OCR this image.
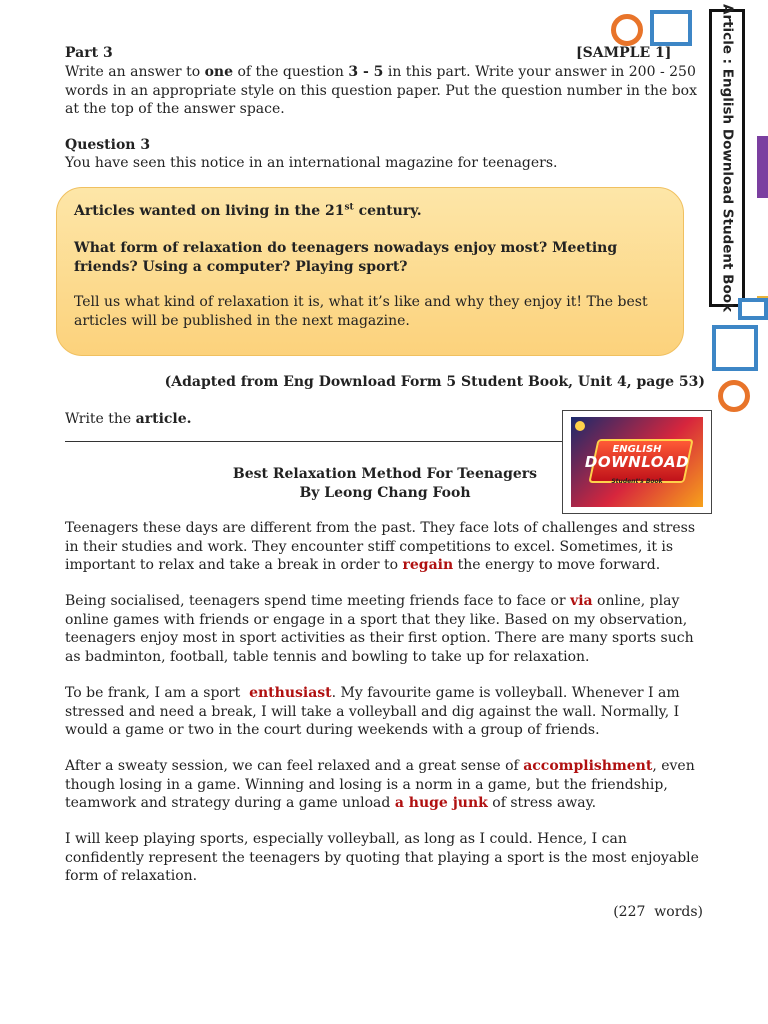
Article : English Download Student Book
Part 3	[SAMPLE 1]
Write an answer to one of the question 3 - 5 in this part. Write your answer in 200 - 250 words in an appropriate style on this question paper. Put the question number in the box at the top of the answer space.
Question 3
You have seen this notice in an international magazine for teenagers.
Articles wanted on living in the 21st century.
What form of relaxation do teenagers nowadays enjoy most? Meeting friends? Using a computer? Playing sport?
Tell us what kind of relaxation it is, what it’s like and why they enjoy it! The best articles will be published in the next magazine.
(Adapted from Eng Download Form 5 Student Book, Unit 4, page 53)
Write the article.
ENGLISH
DOWNLOAD
Student's Book
Best Relaxation Method For Teenagers
By Leong Chang Fooh
Teenagers these days are different from the past. They face lots of challenges and stress in their studies and work. They encounter stiff competitions to excel. Sometimes, it is important to relax and take a break in order to regain the energy to move forward.
Being socialised, teenagers spend time meeting friends face to face or via online, play online games with friends or engage in a sport that they like. Based on my observation, teenagers enjoy most in sport activities as their first option. There are many sports such as badminton, football, table tennis and bowling to take up for relaxation.
To be frank, I am a sport  enthusiast. My favourite game is volleyball. Whenever I am stressed and need a break, I will take a volleyball and dig against the wall. Normally, I would a game or two in the court during weekends with a group of friends.
After a sweaty session, we can feel relaxed and a great sense of accomplishment, even though losing in a game. Winning and losing is a norm in a game, but the friendship, teamwork and strategy during a game unload a huge junk of stress away.
I will keep playing sports, especially volleyball, as long as I could. Hence, I can confidently represent the teenagers by quoting that playing a sport is the most enjoyable form of relaxation.
(227  words)
